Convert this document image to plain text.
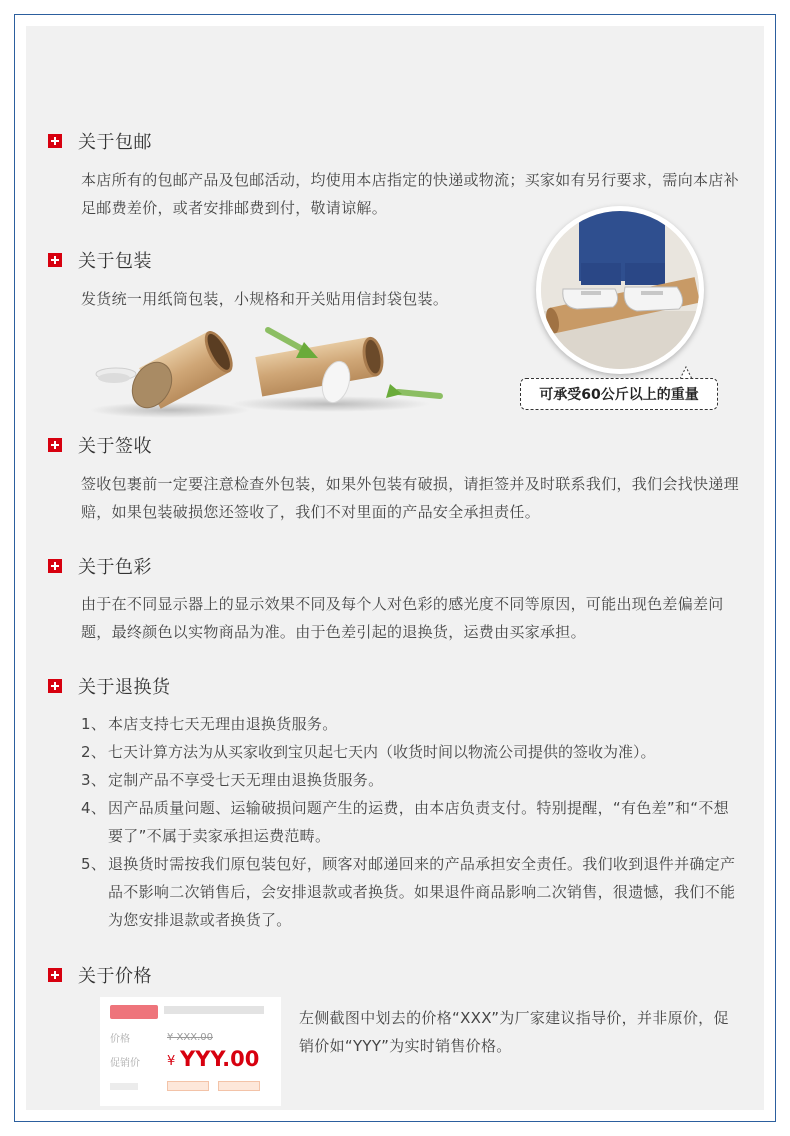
关于包邮
本店所有的包邮产品及包邮活动，均使用本店指定的快递或物流；买家如有另行要求，需向本店补足邮费差价，或者安排邮费到付，敬请谅解。
关于包装
发货统一用纸筒包装，小规格和开关贴用信封袋包装。
可承受60公斤以上的重量
关于签收
签收包裹前一定要注意检查外包装，如果外包装有破损，请拒签并及时联系我们，我们会找快递理赔，如果包装破损您还签收了，我们不对里面的产品安全承担责任。
关于色彩
由于在不同显示器上的显示效果不同及每个人对色彩的感光度不同等原因，可能出现色差偏差问题，最终颜色以实物商品为准。由于色差引起的退换货，运费由买家承担。
关于退换货
1、 本店支持七天无理由退换货服务。
2、 七天计算方法为从买家收到宝贝起七天内（收货时间以物流公司提供的签收为准）。
3、 定制产品不享受七天无理由退换货服务。
4、 因产品质量问题、运输破损问题产生的运费，由本店负责支付。特别提醒，“有色差”和“不想要了”不属于卖家承担运费范畴。
5、 退换货时需按我们原包装包好，顾客对邮递回来的产品承担安全责任。我们收到退件并确定产品不影响二次销售后，会安排退款或者换货。如果退件商品影响二次销售，很遗憾，我们不能为您安排退款或者换货了。
关于价格
价格	¥ XXX.00
促销价 ¥ YYY.00
左侧截图中划去的价格“XXX”为厂家建议指导价，并非原价，促销价如“YYY”为实时销售价格。
